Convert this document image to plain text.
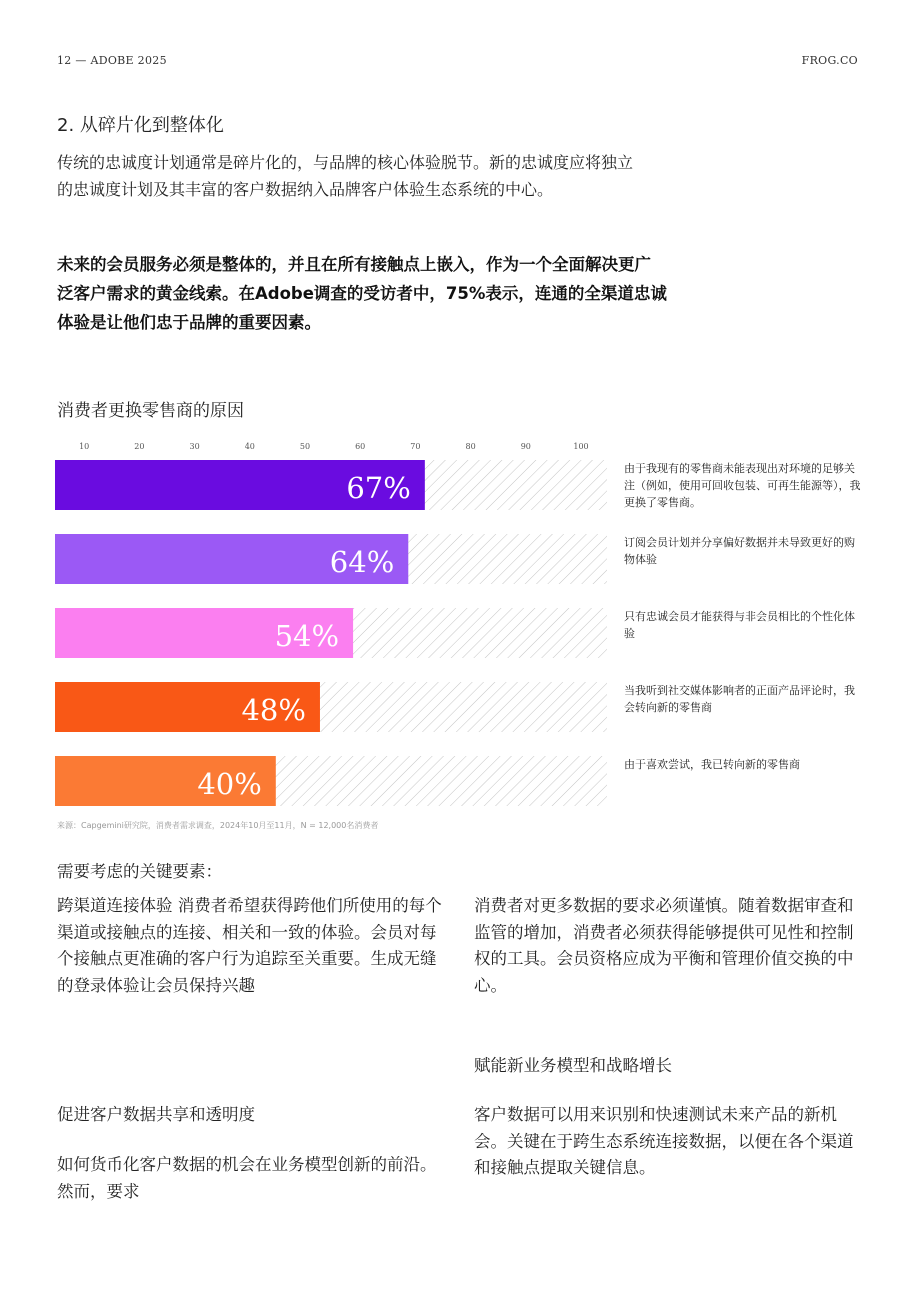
12 — ADOBE 2025	FROG.CO
2. 从碎片化到整体化
传统的忠诚度计划通常是碎片化的，与品牌的核心体验脱节。新的忠诚度应将独立的忠诚度计划及其丰富的客户数据纳入品牌客户体验生态系统的中心。
未来的会员服务必须是整体的，并且在所有接触点上嵌入，作为一个全面解决更广泛客户需求的黄金线索。在Adobe调查的受访者中，75%表示，连通的全渠道忠诚体验是让他们忠于品牌的重要因素。
消费者更换零售商的原因
10	20	30	40	50	60	70	80	90	100
67%
64%
54%
48%
40%
由于我现有的零售商未能表现出对环境的足够关注（例如，使用可回收包装、可再生能源等），我更换了零售商。
订阅会员计划并分享偏好数据并未导致更好的购物体验
只有忠诚会员才能获得与非会员相比的个性化体验
当我听到社交媒体影响者的正面产品评论时，我会转向新的零售商
由于喜欢尝试，我已转向新的零售商
来源：Capgemini研究院，消费者需求调查，2024年10月至11月，N = 12,000名消费者
需要考虑的关键要素：
跨渠道连接体验 消费者希望获得跨他们所使用的每个渠道或接触点的连接、相关和一致的体验。会员对每个接触点更准确的客户行为追踪至关重要。生成无缝的登录体验让会员保持兴趣
消费者对更多数据的要求必须谨慎。随着数据审查和监管的增加，消费者必须获得能够提供可见性和控制权的工具。会员资格应成为平衡和管理价值交换的中心。
赋能新业务模型和战略增长
促进客户数据共享和透明度	客户数据可以用来识别和快速测试未来产品的新机会。关键在于跨生态系统连接数据，以便在各个渠道和接触点提取关键信息。
如何货币化客户数据的机会在业务模型创新的前沿。然而，要求
